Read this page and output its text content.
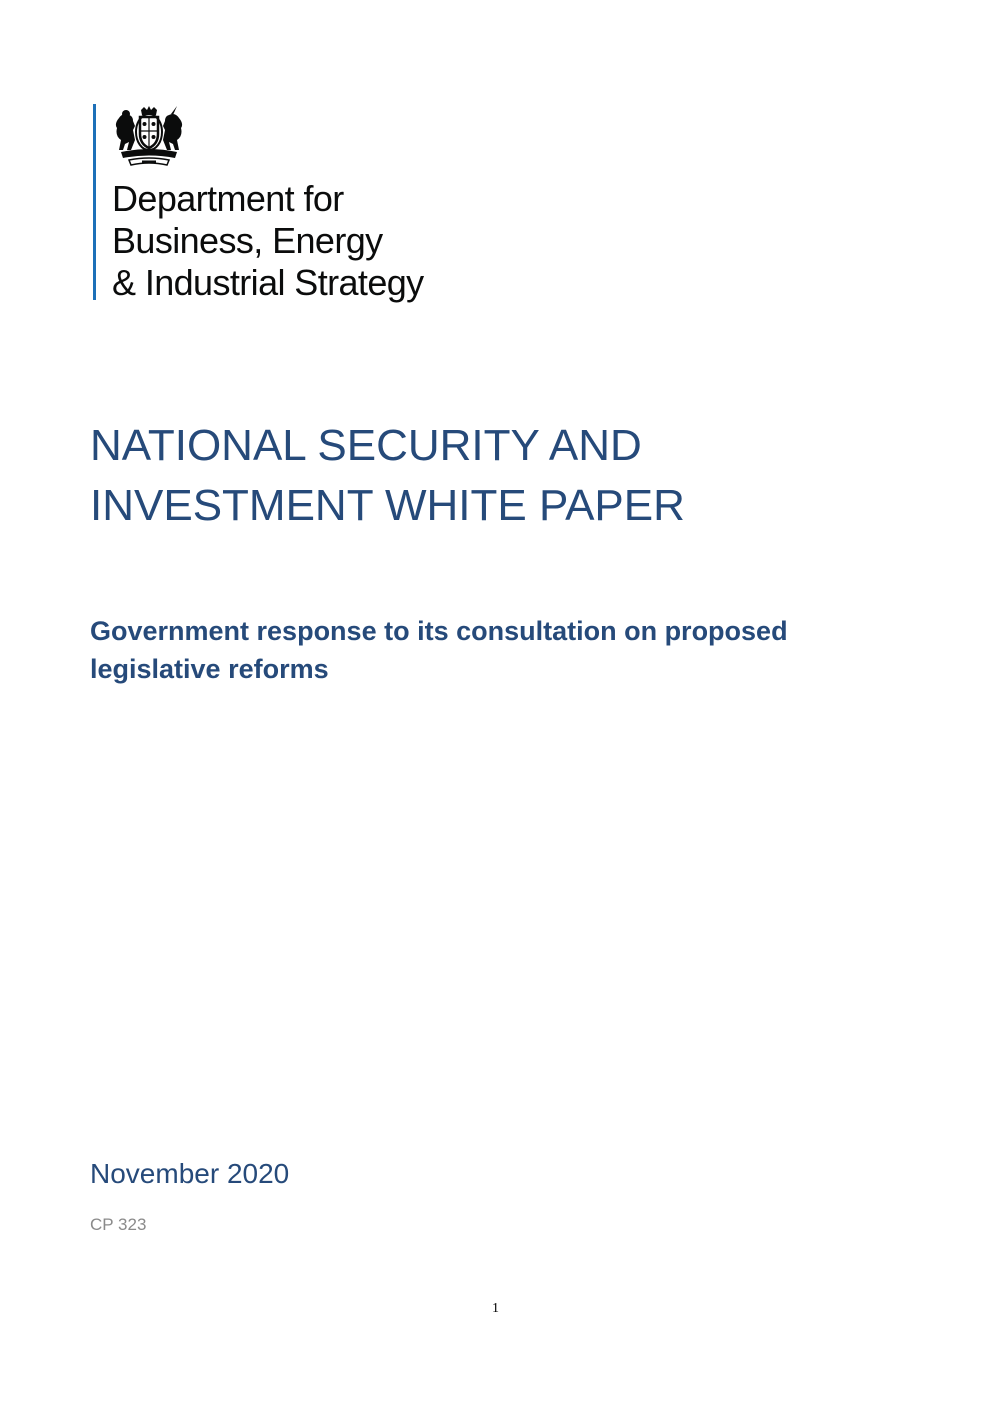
Department for
Business, Energy
& Industrial Strategy
NATIONAL SECURITY AND
INVESTMENT WHITE PAPER
Government response to its consultation on proposed
legislative reforms
November 2020
CP 323
1
